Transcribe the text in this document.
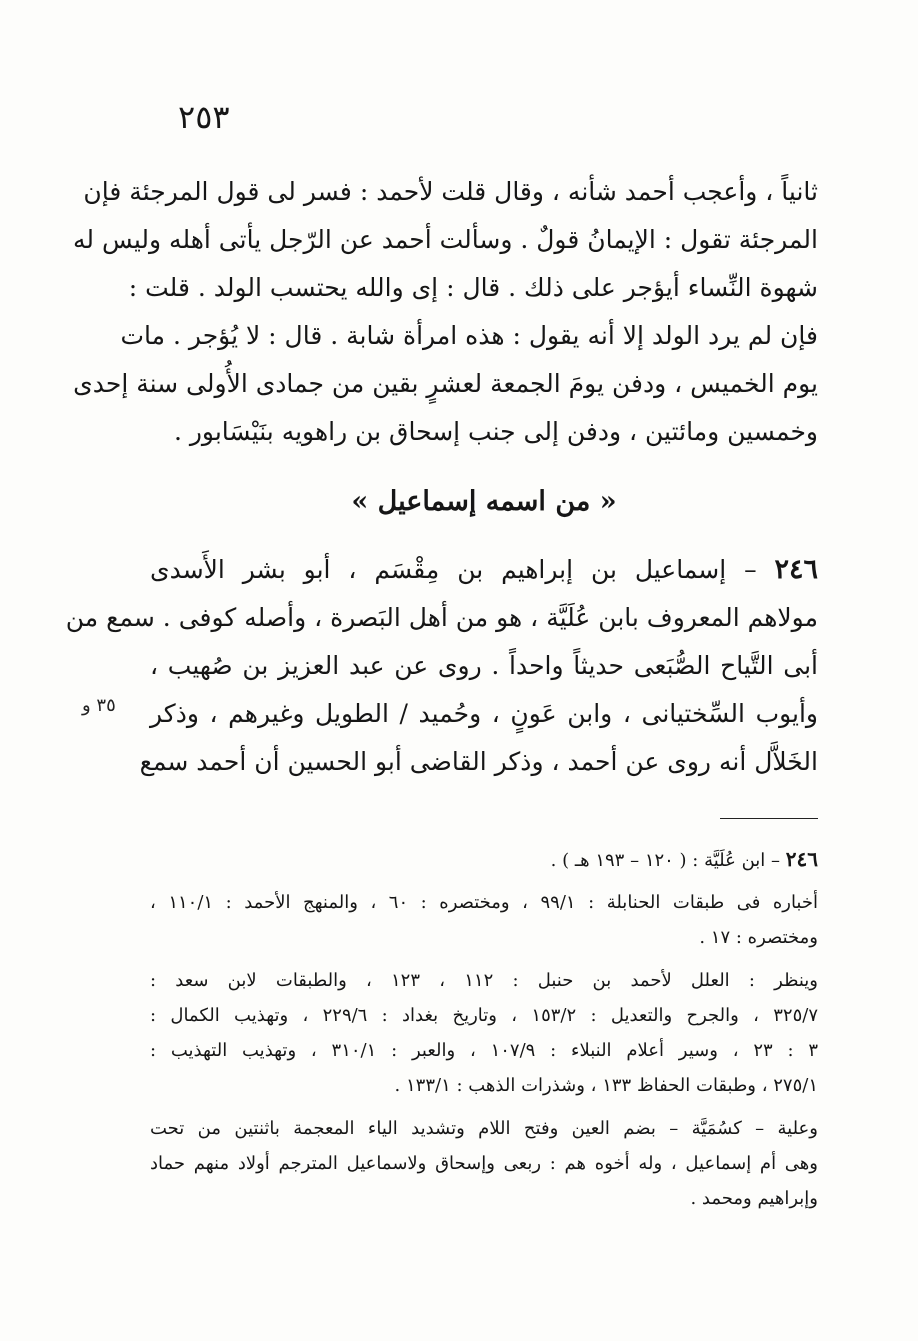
٢٥٣
ثانياً ، وأعجب أحمد شأنه ، وقال قلت لأحمد : فسر لى قول المرجئة فإن
المرجئة تقول : الإيمانُ قولٌ . وسألت أحمد عن الرّجل يأتى أهله وليس له
شهوة النِّساء أيؤجر على ذلك . قال : إى والله يحتسب الولد . قلت :
فإن لم يرد الولد إلا أنه يقول : هذه امرأة شابة . قال : لا يُؤجر . مات
يوم الخميس ، ودفن يومَ الجمعة لعشرٍ بقين من جمادى الأُولى سنة إحدى
وخمسين ومائتين ، ودفن إلى جنب إسحاق بن راهويه بنَيْسَابور .
« من اسمه إسماعيل »
٢٤٦ – إسماعيل بن إبراهيم بن مِقْسَم ، أبو بشر الأَسدى
مولاهم المعروف بابن عُلَيَّة ، هو من أهل البَصرة ، وأصله كوفى . سمع من
أبى التَّياح الصُّبَعى حديثاً واحداً . روى عن عبد العزيز بن صُهيب ،
وأيوب السِّختيانى ، وابن عَونٍ ، وحُميد / الطويل وغيرهم ، وذكر
الخَلاَّل أنه روى عن أحمد ، وذكر القاضى أبو الحسين أن أحمد سمع
٣٥ و
٢٤٦ – ابن عُلَيَّة : ( ١٢٠ – ١٩٣ هـ ) .
أخباره فى طبقات الحنابلة : ٩٩/١ ، ومختصره : ٦٠ ، والمنهج الأحمد : ١١٠/١ ،
ومختصره : ١٧ .
وينظر : العلل لأحمد بن حنبل : ١١٢ ، ١٢٣ ، والطبقات لابن سعد :
٣٢٥/٧ ، والجرح والتعديل : ١٥٣/٢ ، وتاريخ بغداد : ٢٢٩/٦ ، وتهذيب الكمال :
٣ : ٢٣ ، وسير أعلام النبلاء : ١٠٧/٩ ، والعبر : ٣١٠/١ ، وتهذيب التهذيب :
٢٧٥/١ ، وطبقات الحفاظ ١٣٣ ، وشذرات الذهب : ١٣٣/١ .
وعلية – كسُمَيَّة – بضم العين وفتح اللام وتشديد الياء المعجمة باثنتين من تحت
وهى أم إسماعيل ، وله أخوه هم : ربعى وإسحاق ولاسماعيل المترجم أولاد منهم حماد
وإبراهيم ومحمد .
